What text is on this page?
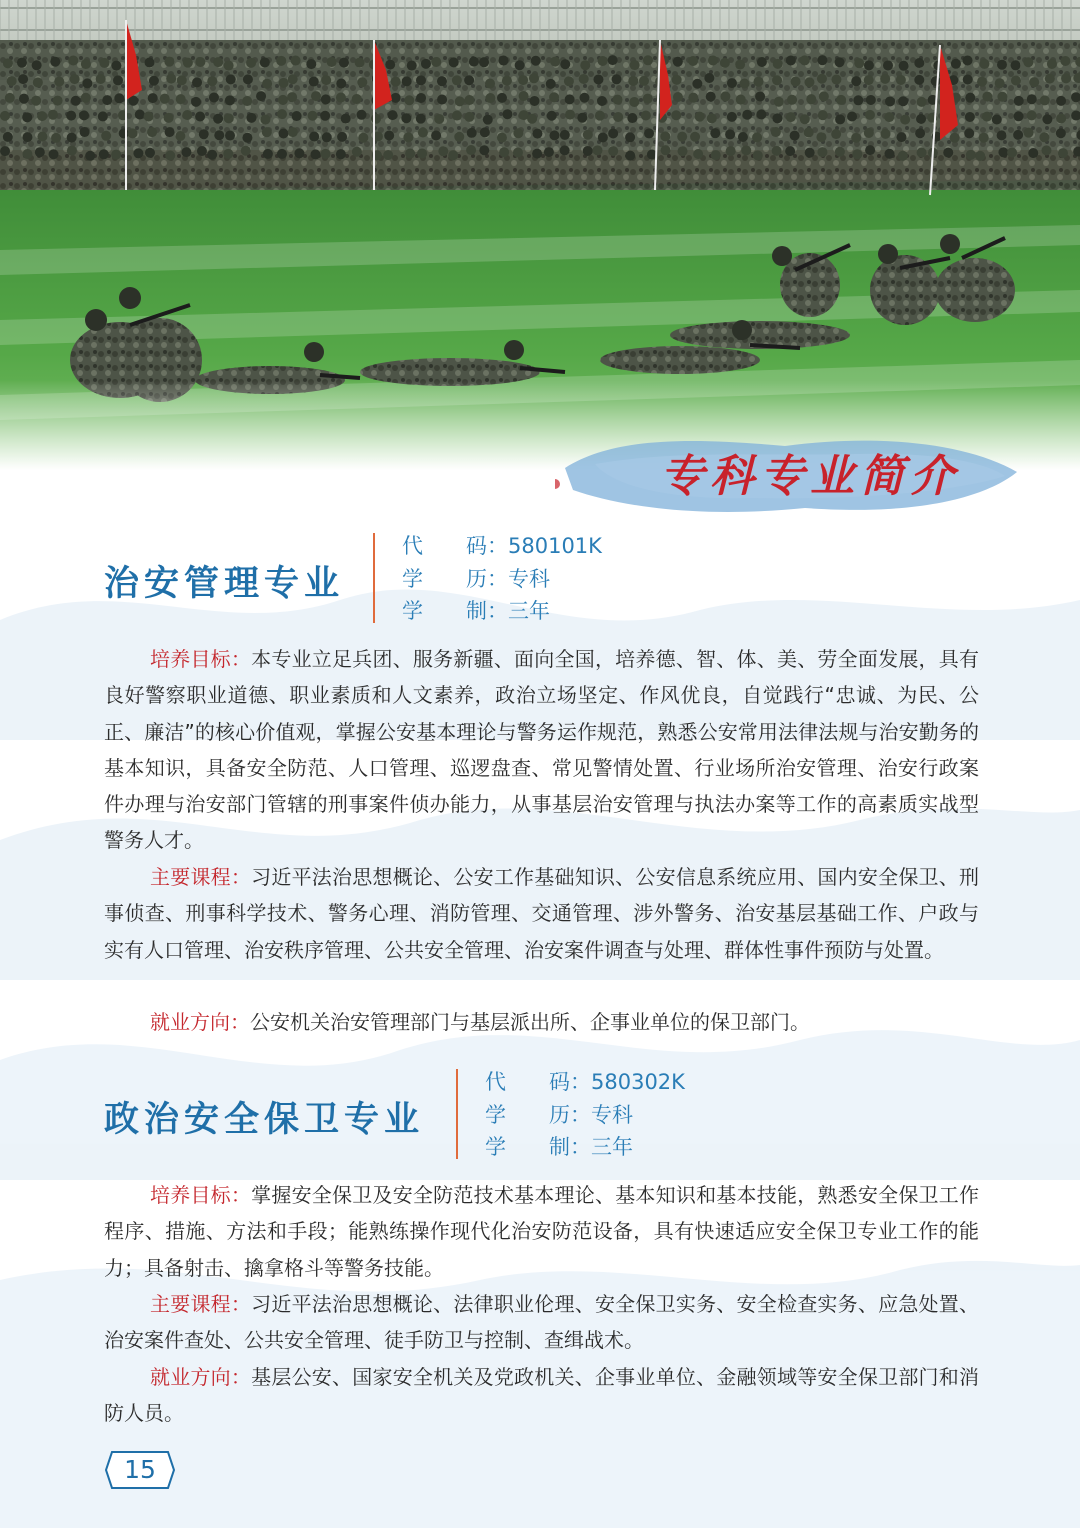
专科专业简介
治安管理专业
代 码：580101K
学 历：专科
学 制：三年

培养目标：本专业立足兵团、服务新疆、面向全国，培养德、智、体、美、劳全面发展，具有良好警察职业道德、职业素质和人文素养，政治立场坚定、作风优良，自觉践行“忠诚、为民、公正、廉洁”的核心价值观，掌握公安基本理论与警务运作规范，熟悉公安常用法律法规与治安勤务的基本知识，具备安全防范、人口管理、巡逻盘查、常见警情处置、行业场所治安管理、治安行政案件办理与治安部门管辖的刑事案件侦办能力，从事基层治安管理与执法办案等工作的高素质实战型警务人才。

主要课程：习近平法治思想概论、公安工作基础知识、公安信息系统应用、国内安全保卫、刑事侦查、刑事科学技术、警务心理、消防管理、交通管理、涉外警务、治安基层基础工作、户政与实有人口管理、治安秩序管理、公共安全管理、治安案件调查与处理、群体性事件预防与处置。

就业方向：公安机关治安管理部门与基层派出所、企事业单位的保卫部门。

政治安全保卫专业
代 码：580302K
学 历：专科
学 制：三年

培养目标：掌握安全保卫及安全防范技术基本理论、基本知识和基本技能，熟悉安全保卫工作程序、措施、方法和手段；能熟练操作现代化治安防范设备，具有快速适应安全保卫专业工作的能力；具备射击、擒拿格斗等警务技能。

主要课程：习近平法治思想概论、法律职业伦理、安全保卫实务、安全检查实务、应急处置、治安案件查处、公共安全管理、徒手防卫与控制、查缉战术。

就业方向：基层公安、国家安全机关及党政机关、企事业单位、金融领域等安全保卫部门和消防人员。

15
